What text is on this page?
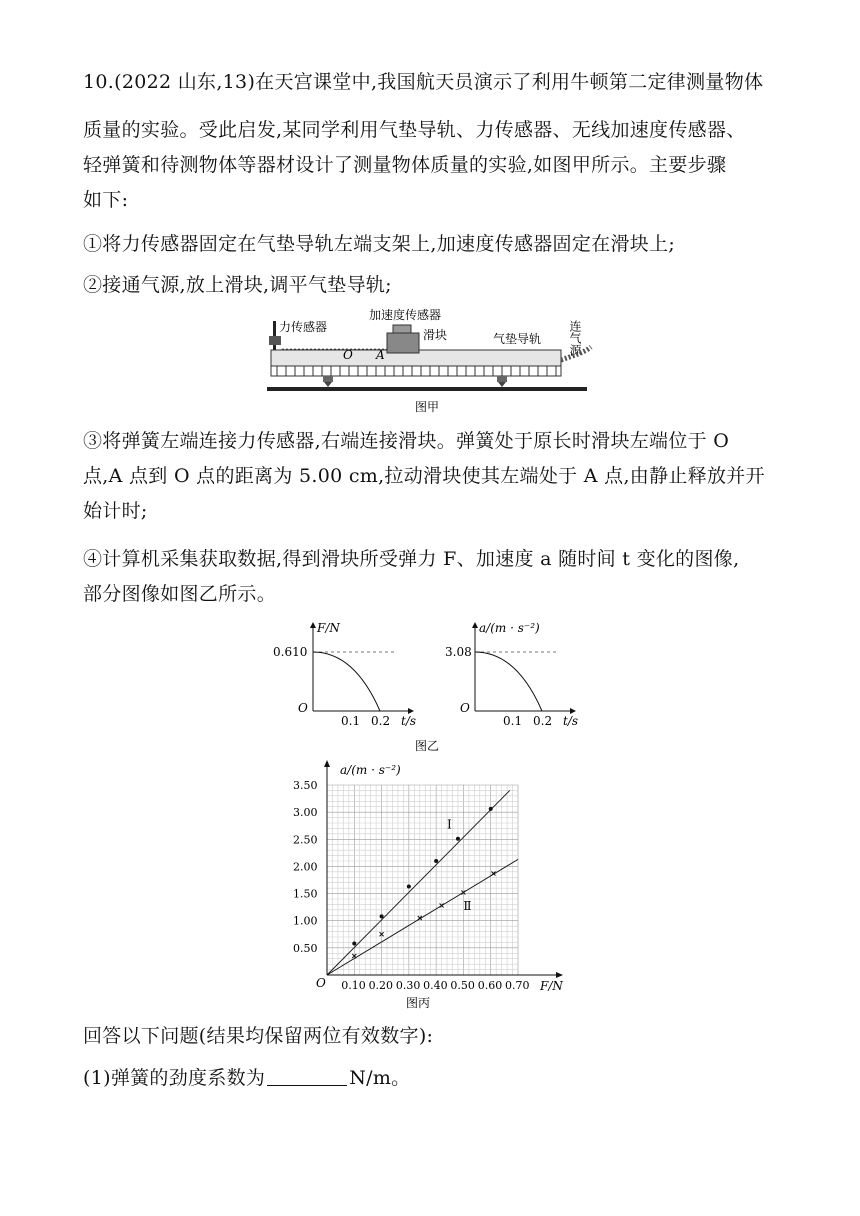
10.(2022 山东,13)在天宫课堂中,我国航天员演示了利用牛顿第二定律测量物体
质量的实验。受此启发,某同学利用气垫导轨、力传感器、无线加速度传感器、
轻弹簧和待测物体等器材设计了测量物体质量的实验,如图甲所示。主要步骤
如下:
①将力传感器固定在气垫导轨左端支架上,加速度传感器固定在滑块上;
②接通气源,放上滑块,调平气垫导轨;
力传感器
加速度传感器
滑块	气垫导轨
O A	连气源
图甲
③将弹簧左端连接力传感器,右端连接滑块。弹簧处于原长时滑块左端位于 O
点,A 点到 O 点的距离为 5.00 cm,拉动滑块使其左端处于 A 点,由静止释放并开
始计时;
④计算机采集获取数据,得到滑块所受弹力 F、加速度 a 随时间 t 变化的图像,
部分图像如图乙所示。
F/N
0.610
0.1 0.2 t/s
O
a/(m · s⁻²)
3.08
0.1 0.2 t/s
O
图乙
0.10 0.20 0.30 0.40 0.50 0.60 0.70
0.50
1.00
1.50
2.00
2.50
3.00
3.50
Ⅰ
Ⅱ
a/(m · s⁻²)
F/N
O
图丙
回答以下问题(结果均保留两位有效数字):
(1)弹簧的劲度系数为	N/m。
